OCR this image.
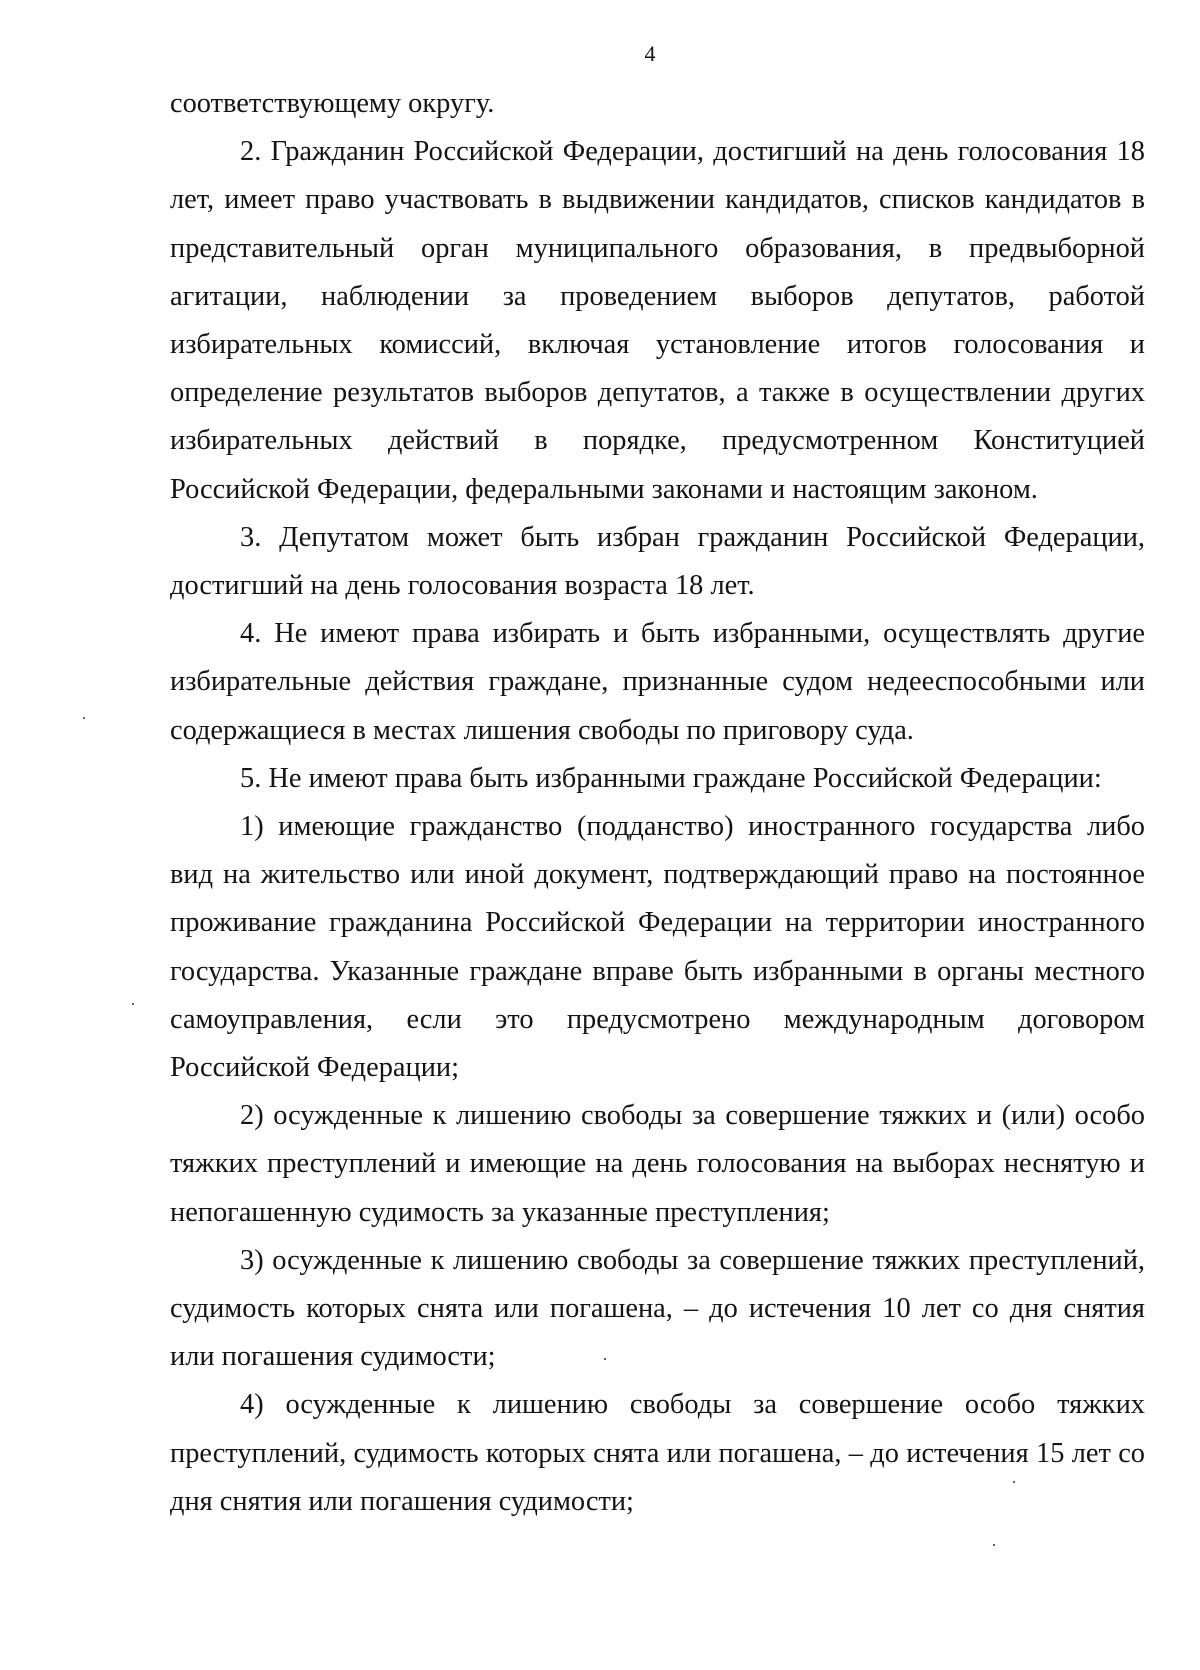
4

соответствующему округу.

2. Гражданин Российской Федерации, достигший на день голосования 18 лет, имеет право участвовать в выдвижении кандидатов, списков кандидатов в представительный орган муниципального образования, в предвыборной агитации, наблюдении за проведением выборов депутатов, работой избирательных комиссий, включая установление итогов голосования и определение результатов выборов депутатов, а также в осуществлении других избирательных действий в порядке, предусмотренном Конституцией Российской Федерации, федеральными законами и настоящим законом.

3. Депутатом может быть избран гражданин Российской Федерации, достигший на день голосования возраста 18 лет.

4. Не имеют права избирать и быть избранными, осуществлять другие избирательные действия граждане, признанные судом недееспособными или содержащиеся в местах лишения свободы по приговору суда.

5. Не имеют права быть избранными граждане Российской Федерации:

1) имеющие гражданство (подданство) иностранного государства либо вид на жительство или иной документ, подтверждающий право на постоянное проживание гражданина Российской Федерации на территории иностранного государства. Указанные граждане вправе быть избранными в органы местного самоуправления, если это предусмотрено международным договором Российской Федерации;

2) осужденные к лишению свободы за совершение тяжких и (или) особо тяжких преступлений и имеющие на день голосования на выборах неснятую и непогашенную судимость за указанные преступления;

3) осужденные к лишению свободы за совершение тяжких преступлений, судимость которых снята или погашена, – до истечения 10 лет со дня снятия или погашения судимости;

4) осужденные к лишению свободы за совершение особо тяжких преступлений, судимость которых снята или погашена, – до истечения 15 лет со дня снятия или погашения судимости;
